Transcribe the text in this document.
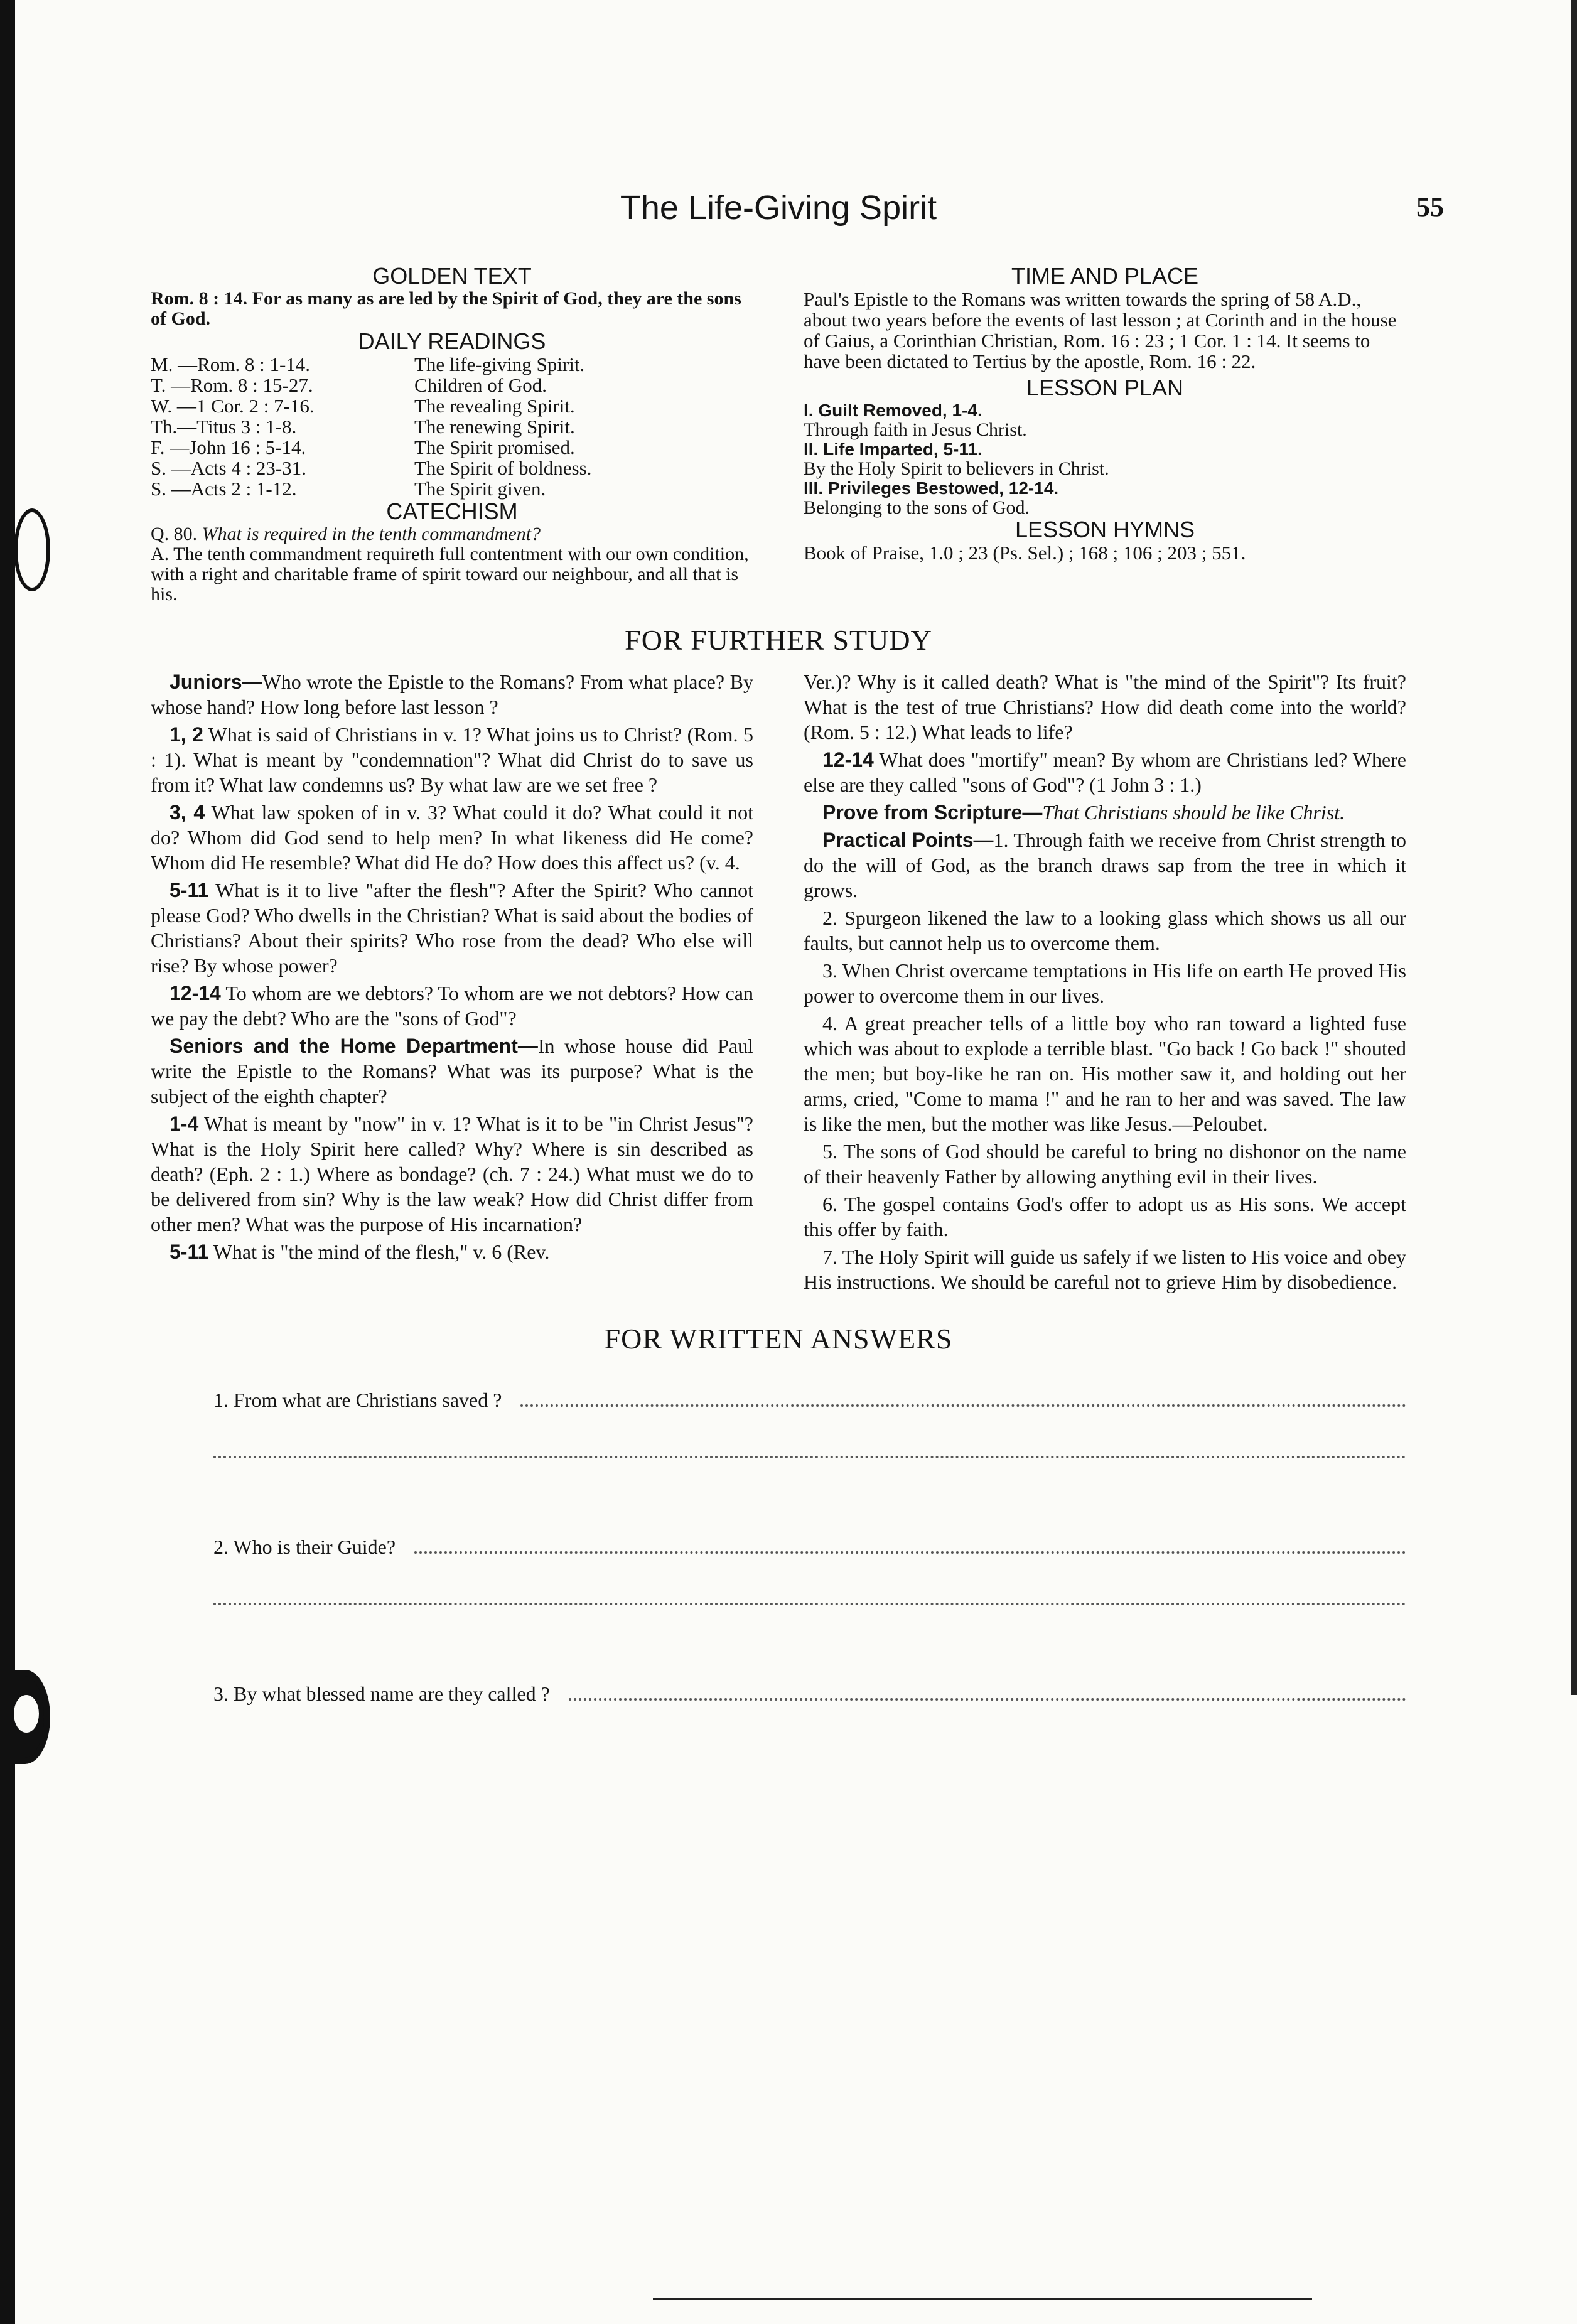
The Life-Giving Spirit	55
GOLDEN TEXT
Rom. 8 : 14. For as many as are led by the Spirit of God, they are the sons of God.
DAILY READINGS
M. —Rom. 8 : 1-14.	The life-giving Spirit.
T. —Rom. 8 : 15-27.	Children of God.
W. —1 Cor. 2 : 7-16.	The revealing Spirit.
Th.—Titus 3 : 1-8.	The renewing Spirit.
F. —John 16 : 5-14.	The Spirit promised.
S. —Acts 4 : 23-31.	The Spirit of boldness.
S. —Acts 2 : 1-12.	The Spirit given.
CATECHISM
Q. 80. What is required in the tenth commandment?
A. The tenth commandment requireth full contentment with our own condition, with a right and charitable frame of spirit toward our neighbour, and all that is his.
TIME AND PLACE
Paul's Epistle to the Romans was written towards the spring of 58 A.D., about two years before the events of last lesson ; at Corinth and in the house of Gaius, a Corinthian Christian, Rom. 16 : 23 ; 1 Cor. 1 : 14. It seems to have been dictated to Tertius by the apostle, Rom. 16 : 22.
LESSON PLAN
I. Guilt Removed, 1-4.
Through faith in Jesus Christ.
II. Life Imparted, 5-11.
By the Holy Spirit to believers in Christ.
III. Privileges Bestowed, 12-14.
Belonging to the sons of God.
LESSON HYMNS
Book of Praise, 1.0 ; 23 (Ps. Sel.) ; 168 ; 106 ; 203 ; 551.
FOR FURTHER STUDY

Juniors—Who wrote the Epistle to the Romans? From what place? By whose hand? How long before last lesson ?

1, 2 What is said of Christians in v. 1? What joins us to Christ? (Rom. 5 : 1). What is meant by "condemnation"? What did Christ do to save us from it? What law condemns us? By what law are we set free ?

3, 4 What law spoken of in v. 3? What could it do? What could it not do? Whom did God send to help men? In what likeness did He come? Whom did He resemble? What did He do? How does this affect us? (v. 4.

5-11 What is it to live "after the flesh"? After the Spirit? Who cannot please God? Who dwells in the Christian? What is said about the bodies of Christians? About their spirits? Who rose from the dead? Who else will rise? By whose power?

12-14 To whom are we debtors? To whom are we not debtors? How can we pay the debt? Who are the "sons of God"?

Seniors and the Home Department—In whose house did Paul write the Epistle to the Romans? What was its purpose? What is the subject of the eighth chapter?

1-4 What is meant by "now" in v. 1? What is it to be "in Christ Jesus"? What is the Holy Spirit here called? Why? Where is sin described as death? (Eph. 2 : 1.) Where as bondage? (ch. 7 : 24.) What must we do to be delivered from sin? Why is the law weak? How did Christ differ from other men? What was the purpose of His incarnation?

5-11 What is "the mind of the flesh," v. 6 (Rev.

Ver.)? Why is it called death? What is "the mind of the Spirit"? Its fruit? What is the test of true Christians? How did death come into the world? (Rom. 5 : 12.) What leads to life?

12-14 What does "mortify" mean? By whom are Christians led? Where else are they called "sons of God"? (1 John 3 : 1.)

Prove from Scripture—That Christians should be like Christ.

Practical Points—1. Through faith we receive from Christ strength to do the will of God, as the branch draws sap from the tree in which it grows.

2. Spurgeon likened the law to a looking glass which shows us all our faults, but cannot help us to overcome them.

3. When Christ overcame temptations in His life on earth He proved His power to overcome them in our lives.

4. A great preacher tells of a little boy who ran toward a lighted fuse which was about to explode a terrible blast. "Go back ! Go back !" shouted the men; but boy-like he ran on. His mother saw it, and holding out her arms, cried, "Come to mama !" and he ran to her and was saved. The law is like the men, but the mother was like Jesus.—Peloubet.

5. The sons of God should be careful to bring no dishonor on the name of their heavenly Father by allowing anything evil in their lives.

6. The gospel contains God's offer to adopt us as His sons. We accept this offer by faith.

7. The Holy Spirit will guide us safely if we listen to His voice and obey His instructions. We should be careful not to grieve Him by disobedience.

FOR WRITTEN ANSWERS
1. From what are Christians saved ?
2. Who is their Guide?
3. By what blessed name are they called ?
